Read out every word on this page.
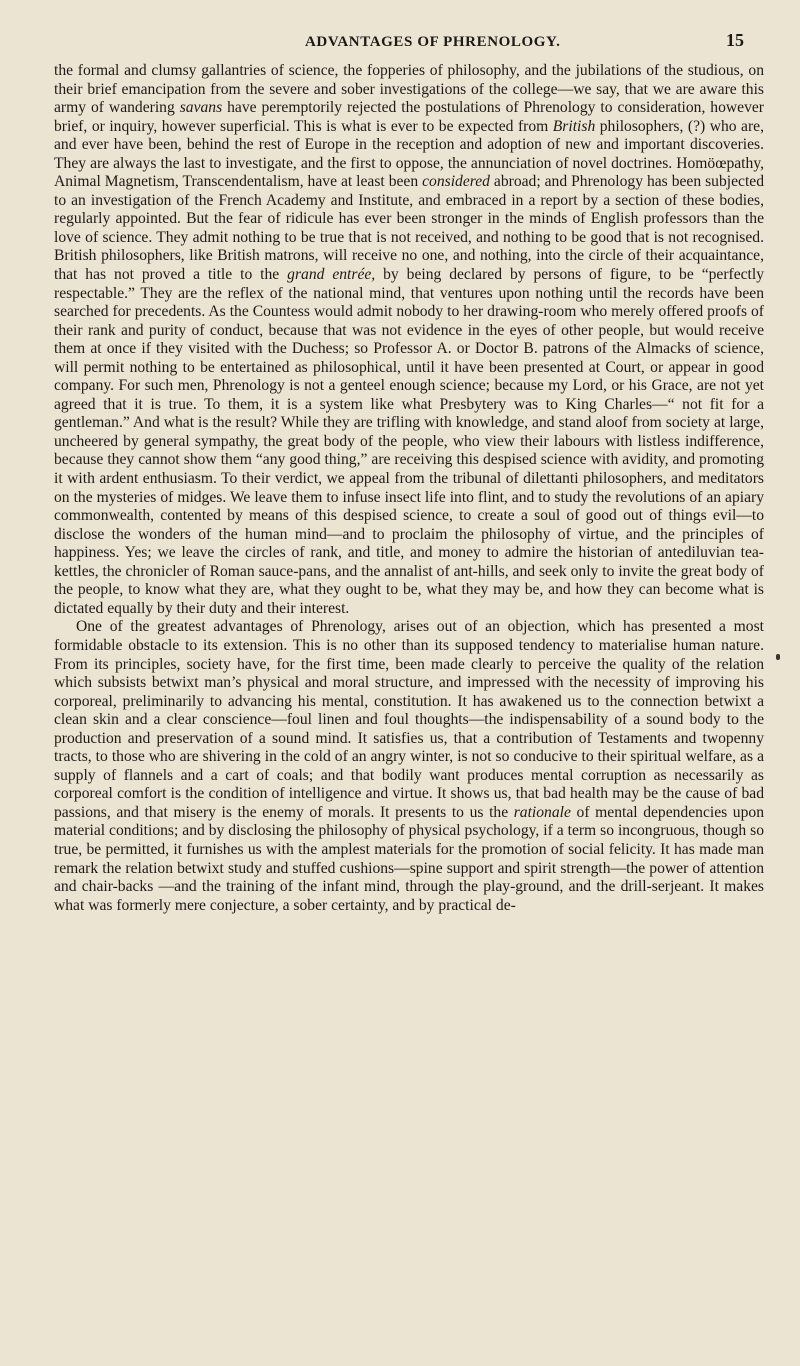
ADVANTAGES OF PHRENOLOGY.	15

the formal and clumsy gallantries of science, the fopperies of philosophy, and the jubilations of the studious, on their brief emancipation from the severe and sober investigations of the college—we say, that we are aware this army of wandering savans have peremptorily rejected the postulations of Phrenology to consideration, however brief, or inquiry, however superficial. This is what is ever to be expected from British philosophers, (?) who are, and ever have been, behind the rest of Europe in the reception and adoption of new and important discoveries. They are always the last to investigate, and the first to oppose, the annunciation of novel doctrines. Homöœpathy, Animal Magnetism, Transcendentalism, have at least been considered abroad; and Phrenology has been subjected to an investigation of the French Academy and Institute, and embraced in a report by a section of these bodies, regularly appointed. But the fear of ridicule has ever been stronger in the minds of English professors than the love of science. They admit nothing to be true that is not received, and nothing to be good that is not recognised. British philosophers, like British matrons, will receive no one, and nothing, into the circle of their acquaintance, that has not proved a title to the grand entrée, by being declared by persons of figure, to be “perfectly respectable.” They are the reflex of the national mind, that ventures upon nothing until the records have been searched for precedents. As the Countess would admit nobody to her drawing-room who merely offered proofs of their rank and purity of conduct, because that was not evidence in the eyes of other people, but would receive them at once if they visited with the Duchess; so Professor A. or Doctor B. patrons of the Almacks of science, will permit nothing to be entertained as philosophical, until it have been presented at Court, or appear in good company. For such men, Phrenology is not a genteel enough science; because my Lord, or his Grace, are not yet agreed that it is true. To them, it is a system like what Presbytery was to King Charles—“ not fit for a gentleman.” And what is the result? While they are trifling with knowledge, and stand aloof from society at large, uncheered by general sympathy, the great body of the people, who view their labours with listless indifference, because they cannot show them “any good thing,” are receiving this despised science with avidity, and promoting it with ardent enthusiasm. To their verdict, we appeal from the tribunal of dilettanti philosophers, and meditators on the mysteries of midges. We leave them to infuse insect life into flint, and to study the revolutions of an apiary commonwealth, contented by means of this despised science, to create a soul of good out of things evil—to disclose the wonders of the human mind—and to proclaim the philosophy of virtue, and the principles of happiness. Yes; we leave the circles of rank, and title, and money to admire the historian of antediluvian tea-kettles, the chronicler of Roman sauce-pans, and the annalist of ant-hills, and seek only to invite the great body of the people, to know what they are, what they ought to be, what they may be, and how they can become what is dictated equally by their duty and their interest.

One of the greatest advantages of Phrenology, arises out of an objection, which has presented a most formidable obstacle to its extension. This is no other than its supposed tendency to materialise human nature. From its principles, society have, for the first time, been made clearly to perceive the quality of the relation which subsists betwixt man’s physical and moral structure, and impressed with the necessity of improving his corporeal, preliminarily to advancing his mental, constitution. It has awakened us to the connection betwixt a clean skin and a clear conscience—foul linen and foul thoughts—the indispensability of a sound body to the production and preservation of a sound mind. It satisfies us, that a contribution of Testaments and twopenny tracts, to those who are shivering in the cold of an angry winter, is not so conducive to their spiritual welfare, as a supply of flannels and a cart of coals; and that bodily want produces mental corruption as necessarily as corporeal comfort is the condition of intelligence and virtue. It shows us, that bad health may be the cause of bad passions, and that misery is the enemy of morals. It presents to us the rationale of mental dependencies upon material conditions; and by disclosing the philosophy of physical psychology, if a term so incongruous, though so true, be permitted, it furnishes us with the amplest materials for the promotion of social felicity. It has made man remark the relation betwixt study and stuffed cushions—spine support and spirit strength—the power of attention and chair-backs —and the training of the infant mind, through the play-ground, and the drill-serjeant. It makes what was formerly mere conjecture, a sober certainty, and by practical de-
